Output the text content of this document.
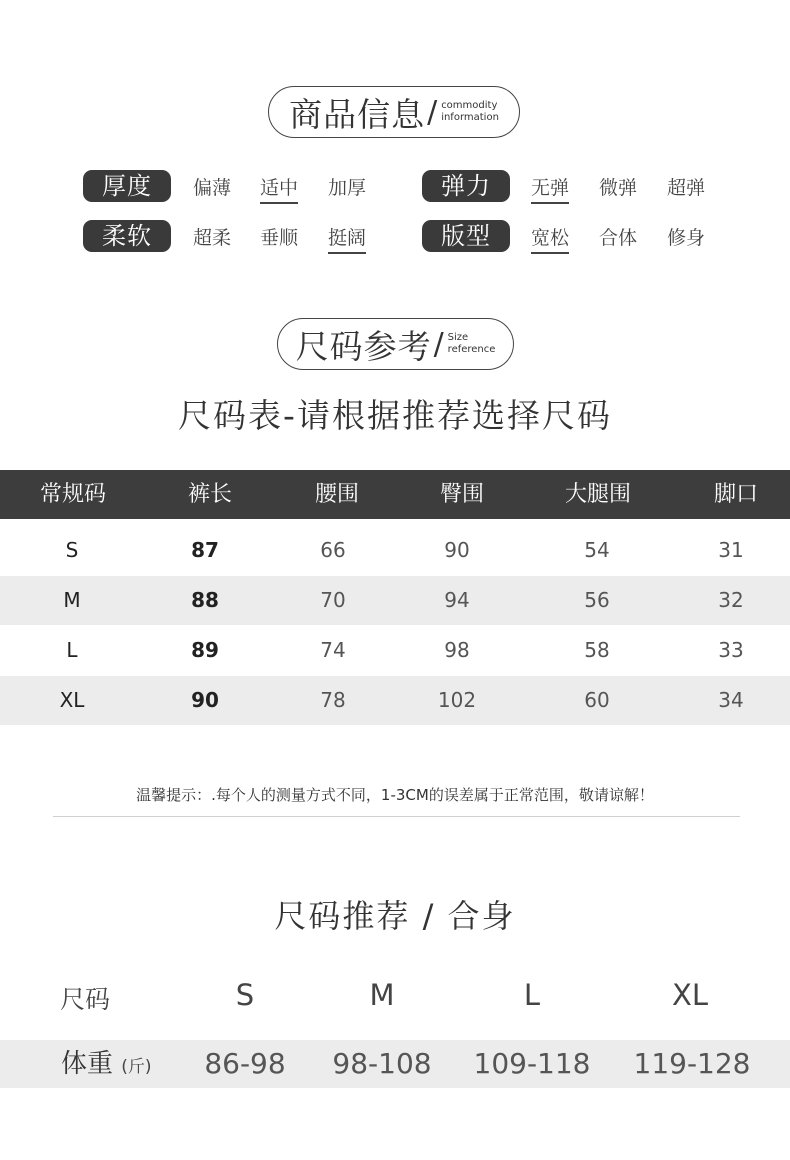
商品信息 / commodity
information
厚度	偏薄 适中 加厚	弹力	无弹 微弹 超弹
柔软	超柔 垂顺 挺阔	版型	宽松 合体 修身
尺码参考 / Size
reference
尺码表-请根据推荐选择尺码
常规码	裤长	腰围	臀围	大腿围	脚口
S	87	66	90	54	31
M	88	70	94	56	32
L	89	74	98	58	33
XL	90	78	102	60	34
温馨提示：.每个人的测量方式不同，1-3CM的误差属于正常范围，敬请谅解！
尺码推荐 / 合身
尺码	S	M	L	XL
体重 (斤)	86-98	98-108	109-118	119-128
